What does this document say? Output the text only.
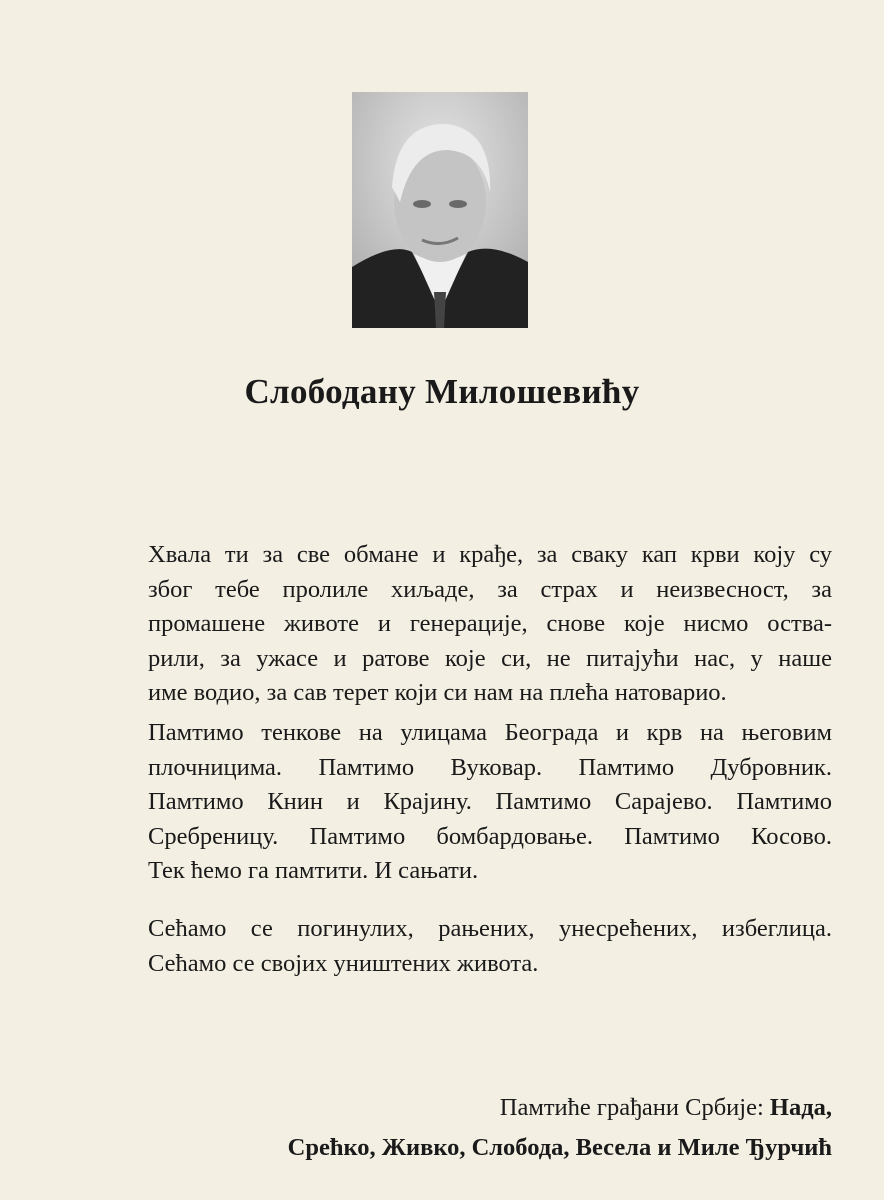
Слободану Милошевићу
Хвала ти за све обмане и крађе, за сваку кап крви коју су
због тебе пролиле хиљаде, за страх и неизвесност, за
промашене животе и генерације, снове које нисмо оства-
рили, за ужасе и ратове које си, не питајући нас, у наше
име водио, за сав терет који си нам на плећа натоварио.
Памтимо тенкове на улицама Београда и крв на његовим
плочницима. Памтимо Вуковар. Памтимо Дубровник.
Памтимо Книн и Крајину. Памтимо Сарајево. Памтимо
Сребреницу. Памтимо бомбардовање. Памтимо Косово.
Тек ћемо га памтити. И сањати.
Сећамо се погинулих, рањених, унесрећених, избеглица.
Сећамо се својих уништених живота.
Памтиће грађани Србије: Нада,
Срећко, Живко, Слобода, Весела и Миле Ђурчић
